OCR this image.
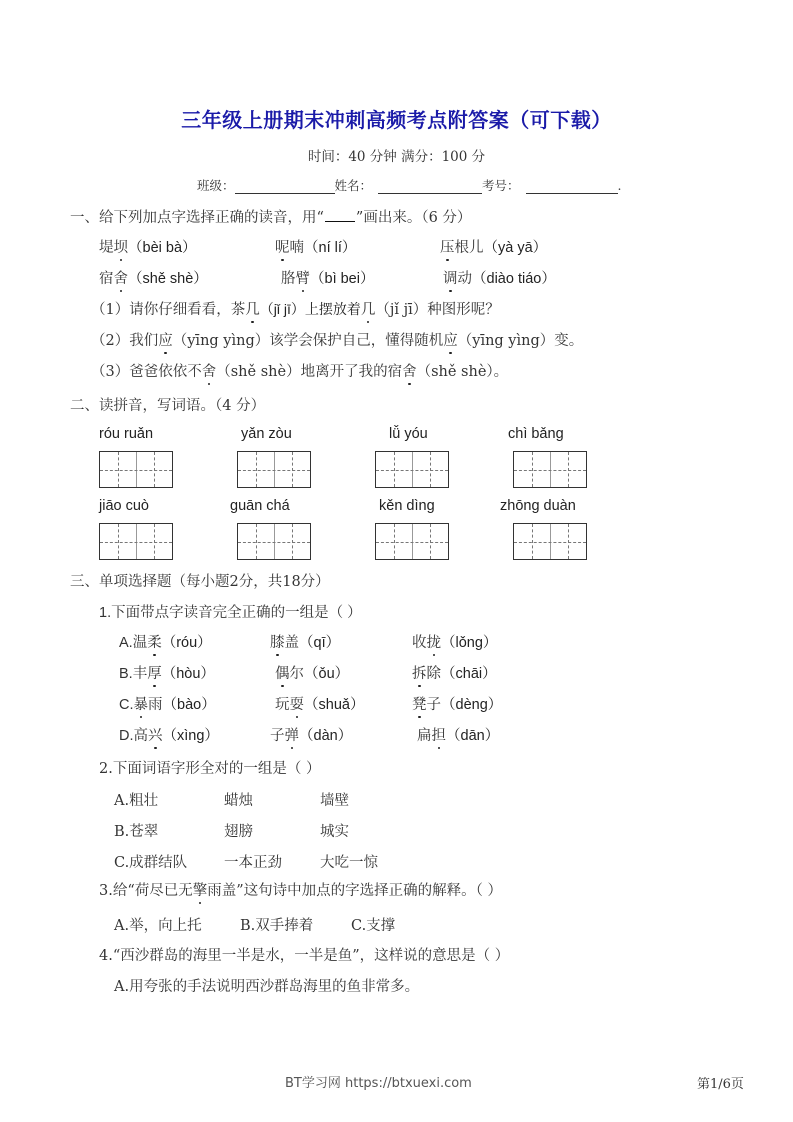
三年级上册期末冲刺高频考点附答案（可下载）
时间：40 分钟 满分：100 分
班级：	姓名：	考号：	.
一、给下列加点字选择正确的读音，用“ ”画出来。（6 分）
堤坝（bèi bà）	呢喃（ní lí）	压根儿（yà yā）
宿舍（shě shè）	胳臂（bì bei）	调动（diào tiáo）
（1）请你仔细看看，茶几（jǐ jī）上摆放着几（jǐ jī）种图形呢？
（2）我们应（yīng yìng）该学会保护自己，懂得随机应（yīng yìng）变。
（3）爸爸依依不舍（shě shè）地离开了我的宿舍（shě shè）。
二、读拼音，写词语。（4 分）
róu ruǎn	yǎn zòu	lǚ yóu	chì bǎng
jiāo cuò	guān chá	kěn dìng	zhōng duàn
三、单项选择题（每小题2分，共18分）
1.下面带点字读音完全正确的一组是（ ）
A.温柔（róu）	膝盖（qī）	收拢（lǒng）
B.丰厚（hòu）	偶尔（ǒu）	拆除（chāi）
C.暴雨（bào）	玩耍（shuǎ）	凳子（dèng）
D.高兴（xìng）	子弹（dàn）	扁担（dān）
2.下面词语字形全对的一组是（ ）
A.粗壮	蜡烛	墙壁
B.苍翠	翅膀	城实
C.成群结队	一本正劲	大吃一惊
3.给“荷尽已无擎雨盖”这句诗中加点的字选择正确的解释。（ ）
A.举，向上托	B.双手捧着	C.支撑
4.“西沙群岛的海里一半是水，一半是鱼”，这样说的意思是（ ）
A.用夸张的手法说明西沙群岛海里的鱼非常多。
BT学习网 https://btxuexi.com	第1/6页
